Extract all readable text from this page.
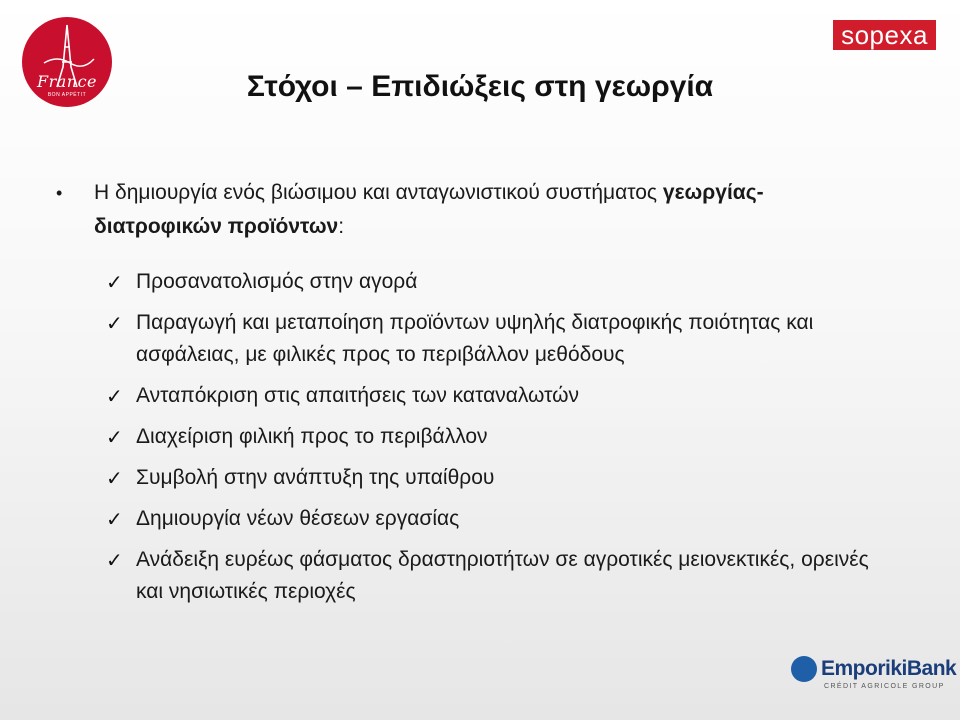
France
BON APPÉTIT
sopexa
Στόχοι – Επιδιώξεις στη γεωργία
• Η δημιουργία ενός βιώσιμου και ανταγωνιστικού συστήματος γεωργίας-διατροφικών προϊόντων:
✓ Προσανατολισμός στην αγορά
✓ Παραγωγή και μεταποίηση προϊόντων υψηλής διατροφικής ποιότητας και ασφάλειας, με φιλικές προς το περιβάλλον μεθόδους
✓ Ανταπόκριση στις απαιτήσεις των καταναλωτών
✓ Διαχείριση φιλική προς το περιβάλλον
✓ Συμβολή στην ανάπτυξη της υπαίθρου
✓ Δημιουργία νέων θέσεων εργασίας
✓ Ανάδειξη ευρέως φάσματος δραστηριοτήτων σε αγροτικές μειονεκτικές, ορεινές και νησιωτικές περιοχές
EmporikiBank
CRÉDIT AGRICOLE GROUP
